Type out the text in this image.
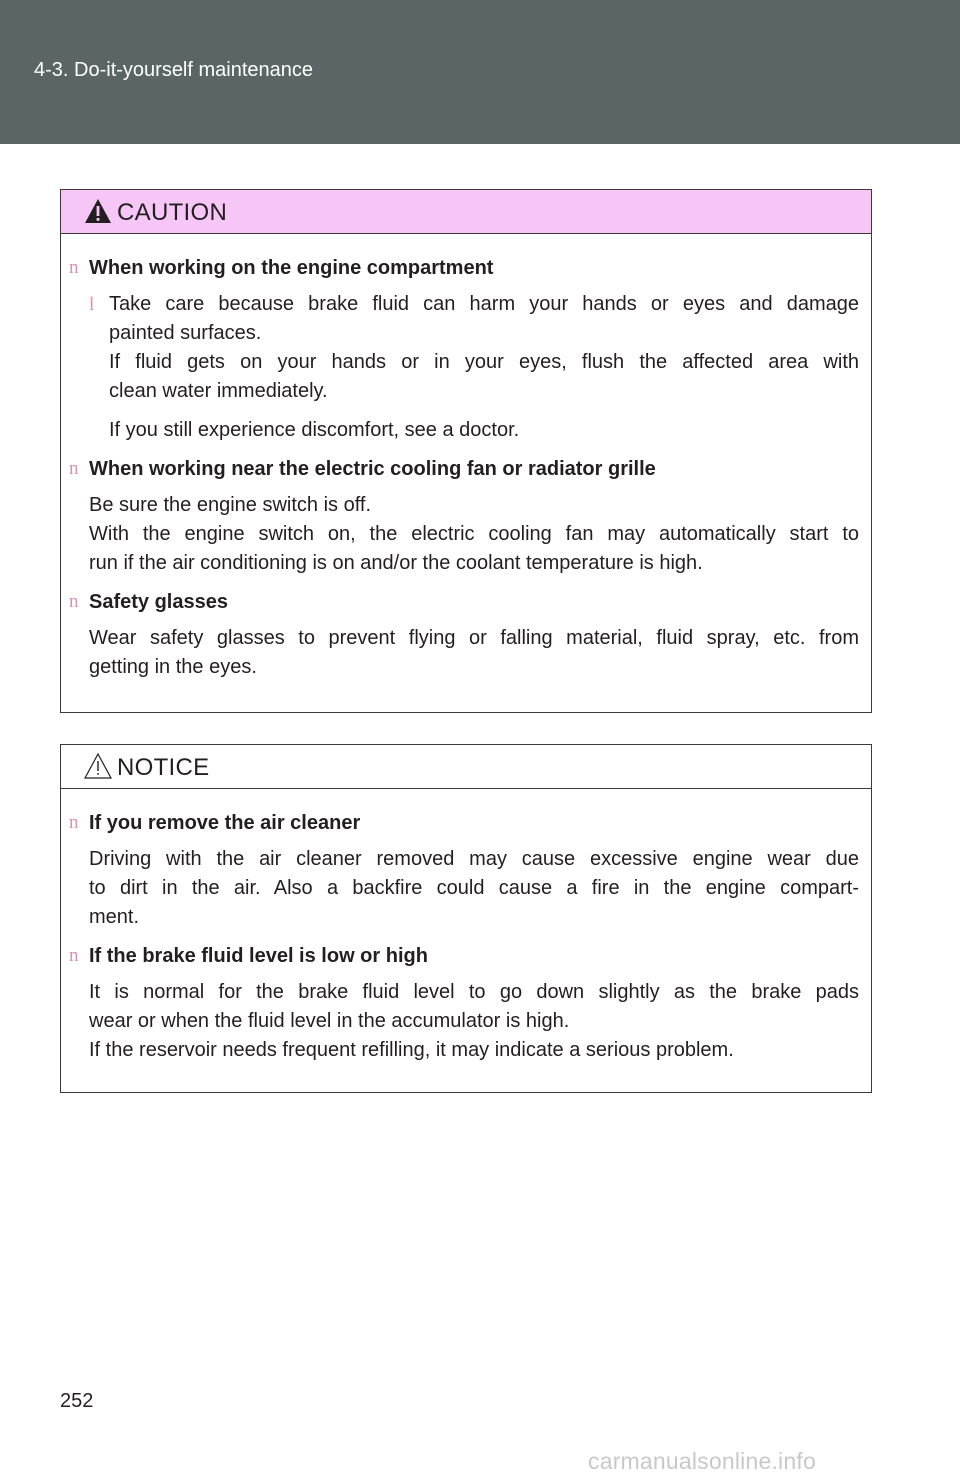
4-3. Do-it-yourself maintenance
CAUTION
n When working on the engine compartment
l Take care because brake fluid can harm your hands or eyes and damage
painted surfaces.
If fluid gets on your hands or in your eyes, flush the affected area with
clean water immediately.
If you still experience discomfort, see a doctor.
n When working near the electric cooling fan or radiator grille
Be sure the engine switch is off.
With the engine switch on, the electric cooling fan may automatically start to
run if the air conditioning is on and/or the coolant temperature is high.
n Safety glasses
Wear safety glasses to prevent flying or falling material, fluid spray, etc. from
getting in the eyes.
NOTICE
n If you remove the air cleaner
Driving with the air cleaner removed may cause excessive engine wear due
to dirt in the air. Also a backfire could cause a fire in the engine compart-
ment.
n If the brake fluid level is low or high
It is normal for the brake fluid level to go down slightly as the brake pads
wear or when the fluid level in the accumulator is high.
If the reservoir needs frequent refilling, it may indicate a serious problem.
252
carmanualsonline.info
